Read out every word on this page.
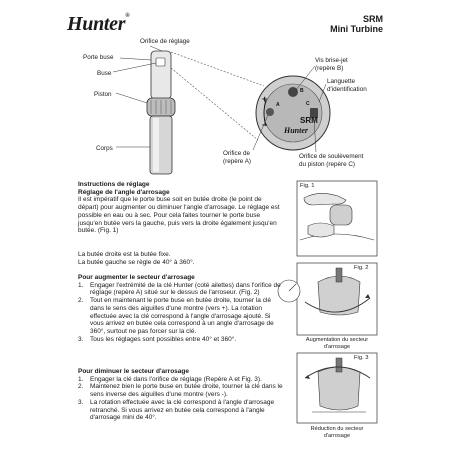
Hunter®	SRM
Mini Turbine
+
−
A
B
C
SRM
Hunter
Orifice de réglage
Porte buse
Buse
Piston
Corps
Vis brise-jet
(repère B)
Languette
d'identification
Orifice de
(repère A)
Orifice de soulèvement
du piston (repère C)
Fig. 1
Fig. 2
Fig. 3
Augmentation du secteur
d'arrosage
Réduction du secteur
d'arrosage

Instructions de réglage

Réglage de l'angle d'arrosage

Il est impératif que le porte buse soit en butée droite (le point de départ) pour augmenter ou diminuer l'angle d'arrosage. Le réglage est possible en eau ou à sec. Pour cela faites tourner le porte buse jusqu'en butée vers la gauche, puis vers la droite également jusqu'en butée. (Fig. 1)

La butée droite est la butée fixe.

La butée gauche se règle de 40° à 360°.

Pour augmenter le secteur d'arrosage

1. Engager l'extrémité de la clé Hunter (coté ailettes) dans l'orifice de réglage (repère A) situé sur le dessus de l'arroseur. (Fig. 2)
2. Tout en maintenant le porte buse en butée droite, tourner la clé dans le sens des aiguilles d'une montre (vers +). La rotation effectuée avec la clé correspond à l'angle d'arrosage ajouté. Si vous arrivez en butée cela correspond à un angle d'arrosage de 360°, surtout ne pas forcer sur la clé.
3. Tous les réglages sont possibles entre 40° et 360°.

Pour diminuer le secteur d'arrosage

1. Engager la clé dans l'orifice de réglage (Repère A et Fig. 3).
2. Maintenez bien le porte buse en butée droite, tourner la clé dans le sens inverse des aiguilles d'une montre (vers -).
3. La rotation effectuée avec la clé correspond à l'angle d'arrosage retranché. Si vous arrivez en butée cela correspond à l'angle d'arrosage mini de 40°.
